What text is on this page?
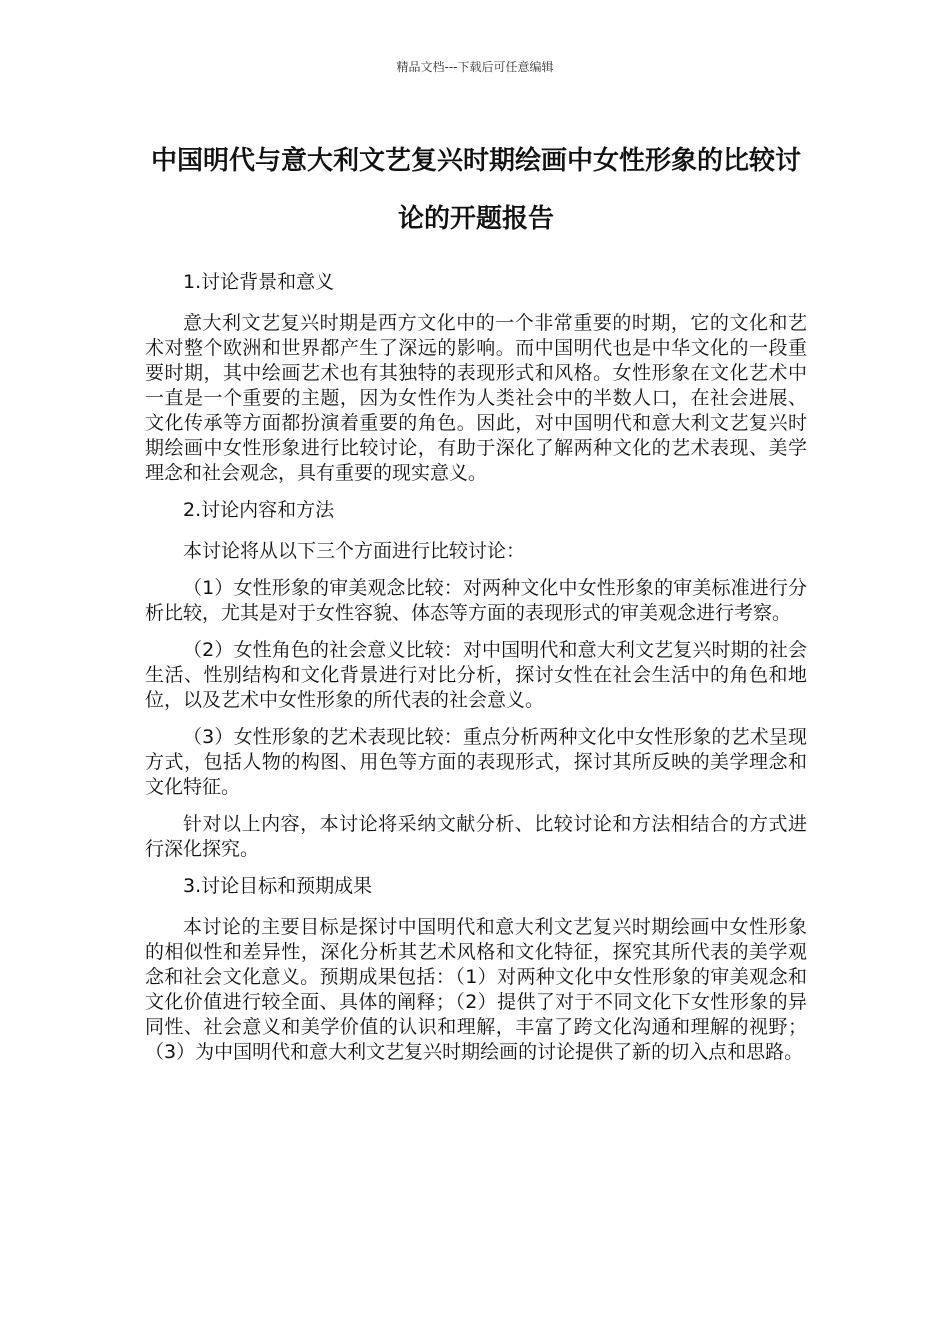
精品文档---下载后可任意编辑
中国明代与意大利文艺复兴时期绘画中女性形象的比较讨论的开题报告

1.讨论背景和意义

意大利文艺复兴时期是西方文化中的一个非常重要的时期，它的文化和艺术对整个欧洲和世界都产生了深远的影响。而中国明代也是中华文化的一段重要时期，其中绘画艺术也有其独特的表现形式和风格。女性形象在文化艺术中一直是一个重要的主题，因为女性作为人类社会中的半数人口，在社会进展、文化传承等方面都扮演着重要的角色。因此，对中国明代和意大利文艺复兴时期绘画中女性形象进行比较讨论，有助于深化了解两种文化的艺术表现、美学理念和社会观念，具有重要的现实意义。

2.讨论内容和方法

本讨论将从以下三个方面进行比较讨论：

（1）女性形象的审美观念比较：对两种文化中女性形象的审美标准进行分析比较，尤其是对于女性容貌、体态等方面的表现形式的审美观念进行考察。

（2）女性角色的社会意义比较：对中国明代和意大利文艺复兴时期的社会生活、性别结构和文化背景进行对比分析，探讨女性在社会生活中的角色和地位，以及艺术中女性形象的所代表的社会意义。

（3）女性形象的艺术表现比较：重点分析两种文化中女性形象的艺术呈现方式，包括人物的构图、用色等方面的表现形式，探讨其所反映的美学理念和文化特征。

针对以上内容，本讨论将采纳文献分析、比较讨论和方法相结合的方式进行深化探究。

3.讨论目标和预期成果

本讨论的主要目标是探讨中国明代和意大利文艺复兴时期绘画中女性形象的相似性和差异性，深化分析其艺术风格和文化特征，探究其所代表的美学观念和社会文化意义。预期成果包括：（1）对两种文化中女性形象的审美观念和文化价值进行较全面、具体的阐释；（2）提供了对于不同文化下女性形象的异同性、社会意义和美学价值的认识和理解，丰富了跨文化沟通和理解的视野；（3）为中国明代和意大利文艺复兴时期绘画的讨论提供了新的切入点和思路。
